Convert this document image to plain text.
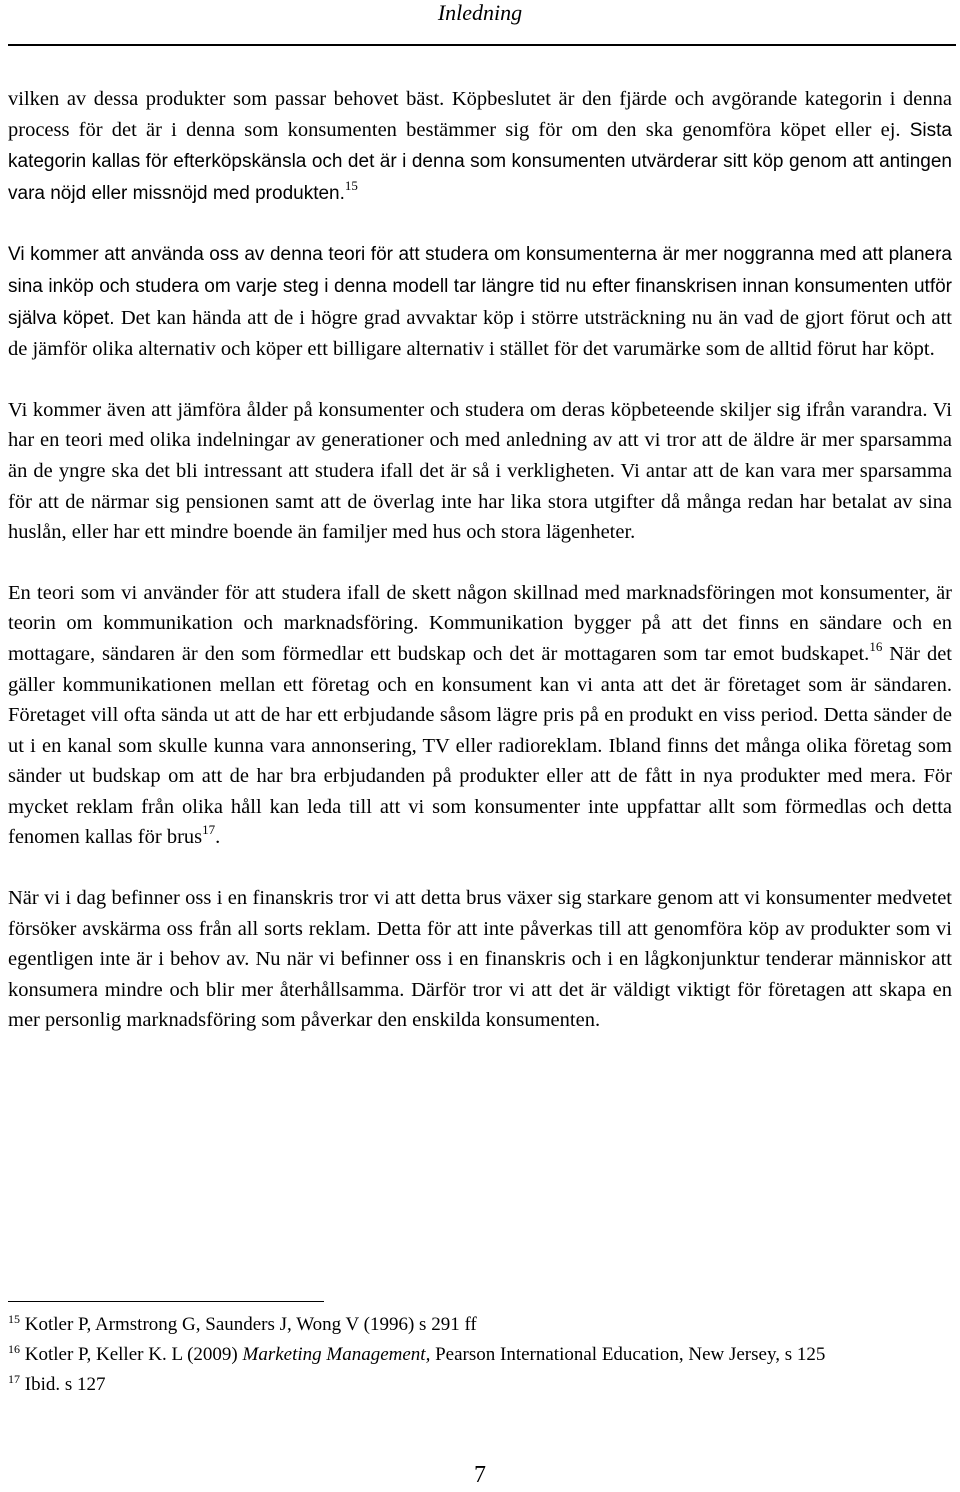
Inledning

vilken av dessa produkter som passar behovet bäst. Köpbeslutet är den fjärde och avgörande kategorin i denna process för det är i denna som konsumenten bestämmer sig för om den ska genomföra köpet eller ej. Sista kategorin kallas för efterköpskänsla och det är i denna som konsumenten utvärderar sitt köp genom att antingen vara nöjd eller missnöjd med produkten.$^{15}$

Vi kommer att använda oss av denna teori för att studera om konsumenterna är mer noggranna med att planera sina inköp och studera om varje steg i denna modell tar längre tid nu efter finanskrisen innan konsumenten utför själva köpet. Det kan hända att de i högre grad avvaktar köp i större utsträckning nu än vad de gjort förut och att de jämför olika alternativ och köper ett billigare alternativ i stället för det varumärke som de alltid förut har köpt.

Vi kommer även att jämföra ålder på konsumenter och studera om deras köpbeteende skiljer sig ifrån varandra. Vi har en teori med olika indelningar av generationer och med anledning av att vi tror att de äldre är mer sparsamma än de yngre ska det bli intressant att studera ifall det är så i verkligheten. Vi antar att de kan vara mer sparsamma för att de närmar sig pensionen samt att de överlag inte har lika stora utgifter då många redan har betalat av sina huslån, eller har ett mindre boende än familjer med hus och stora lägenheter.

En teori som vi använder för att studera ifall de skett någon skillnad med marknadsföringen mot konsumenter, är teorin om kommunikation och marknadsföring. Kommunikation bygger på att det finns en sändare och en mottagare, sändaren är den som förmedlar ett budskap och det är mottagaren som tar emot budskapet.$^{16}$ När det gäller kommunikationen mellan ett företag och en konsument kan vi anta att det är företaget som är sändaren. Företaget vill ofta sända ut att de har ett erbjudande såsom lägre pris på en produkt en viss period. Detta sänder de ut i en kanal som skulle kunna vara annonsering, TV eller radioreklam. Ibland finns det många olika företag som sänder ut budskap om att de har bra erbjudanden på produkter eller att de fått in nya produkter med mera. För mycket reklam från olika håll kan leda till att vi som konsumenter inte uppfattar allt som förmedlas och detta fenomen kallas för brus$^{17}$.

När vi i dag befinner oss i en finanskris tror vi att detta brus växer sig starkare genom att vi konsumenter medvetet försöker avskärma oss från all sorts reklam. Detta för att inte påverkas till att genomföra köp av produkter som vi egentligen inte är i behov av. Nu när vi befinner oss i en finanskris och i en lågkonjunktur tenderar människor att konsumera mindre och blir mer återhållsamma. Därför tror vi att det är väldigt viktigt för företagen att skapa en mer personlig marknadsföring som påverkar den enskilda konsumenten.

$^{15}$ Kotler P, Armstrong G, Saunders J, Wong V (1996) s 291 ff
$^{16}$ Kotler P, Keller K. L (2009) Marketing Management, Pearson International Education, New Jersey, s 125
$^{17}$ Ibid. s 127
7
